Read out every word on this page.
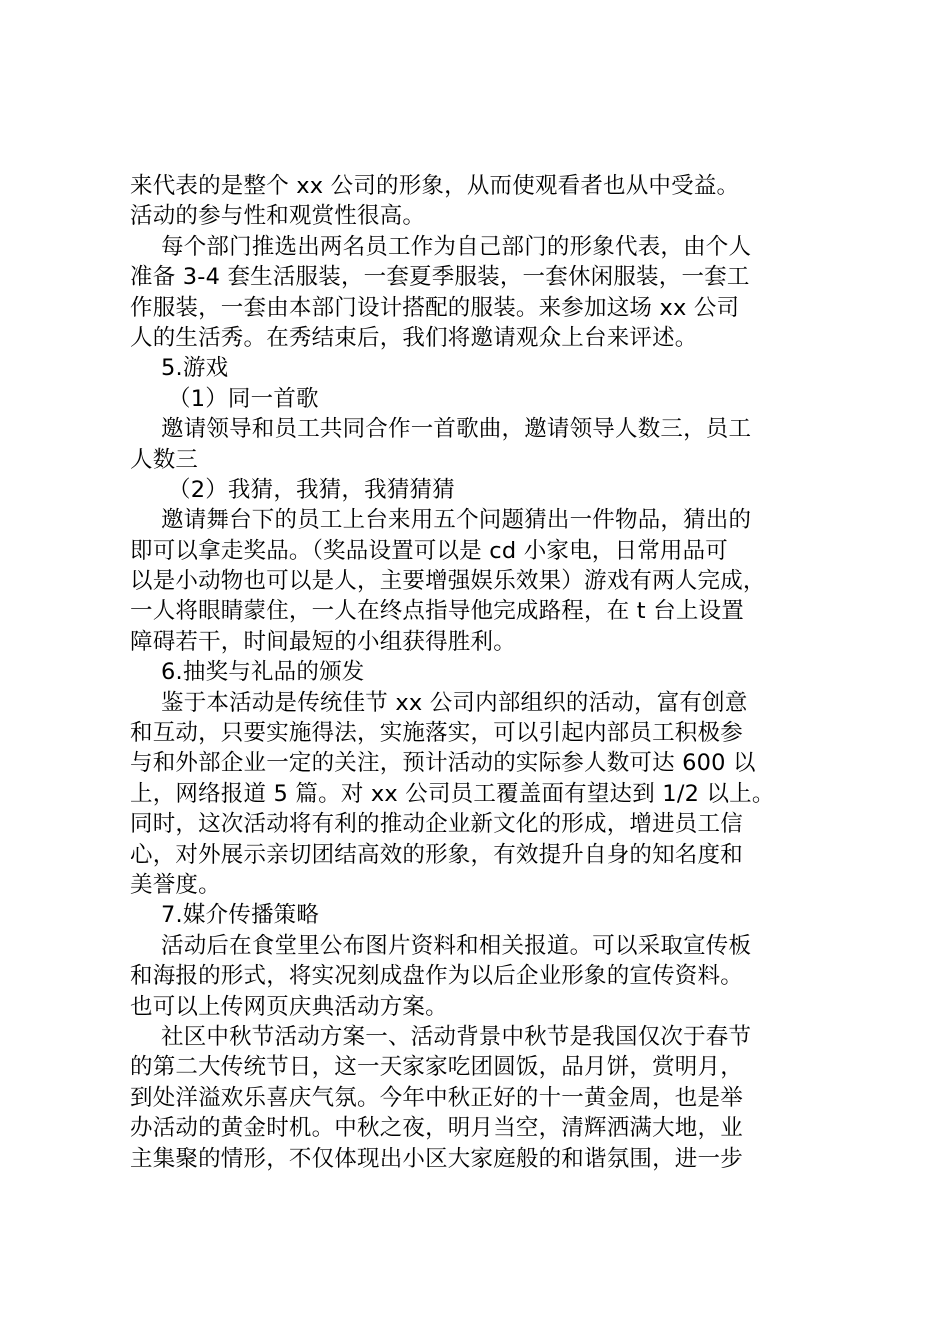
来代表的是整个 xx 公司的形象，从而使观看者也从中受益。
活动的参与性和观赏性很高。
每个部门推选出两名员工作为自己部门的形象代表，由个人
准备 3-4 套生活服装，一套夏季服装，一套休闲服装，一套工
作服装，一套由本部门设计搭配的服装。来参加这场 xx 公司
人的生活秀。在秀结束后，我们将邀请观众上台来评述。
5.游戏
（1）同一首歌
邀请领导和员工共同合作一首歌曲，邀请领导人数三，员工
人数三
（2）我猜，我猜，我猜猜猜
邀请舞台下的员工上台来用五个问题猜出一件物品，猜出的
即可以拿走奖品。（奖品设置可以是 cd 小家电，日常用品可
以是小动物也可以是人，主要增强娱乐效果）游戏有两人完成，
一人将眼睛蒙住，一人在终点指导他完成路程，在 t 台上设置
障碍若干，时间最短的小组获得胜利。
6.抽奖与礼品的颁发
鉴于本活动是传统佳节 xx 公司内部组织的活动，富有创意
和互动，只要实施得法，实施落实，可以引起内部员工积极参
与和外部企业一定的关注，预计活动的实际参人数可达 600 以
上，网络报道 5 篇。对 xx 公司员工覆盖面有望达到 1/2 以上。
同时，这次活动将有利的推动企业新文化的形成，增进员工信
心，对外展示亲切团结高效的形象，有效提升自身的知名度和
美誉度。
7.媒介传播策略
活动后在食堂里公布图片资料和相关报道。可以采取宣传板
和海报的形式，将实况刻成盘作为以后企业形象的宣传资料。
也可以上传网页庆典活动方案。
社区中秋节活动方案一、活动背景中秋节是我国仅次于春节
的第二大传统节日，这一天家家吃团圆饭，品月饼，赏明月，
到处洋溢欢乐喜庆气氛。今年中秋正好的十一黄金周，也是举
办活动的黄金时机。中秋之夜，明月当空，清辉洒满大地，业
主集聚的情形，不仅体现出小区大家庭般的和谐氛围，进一步
